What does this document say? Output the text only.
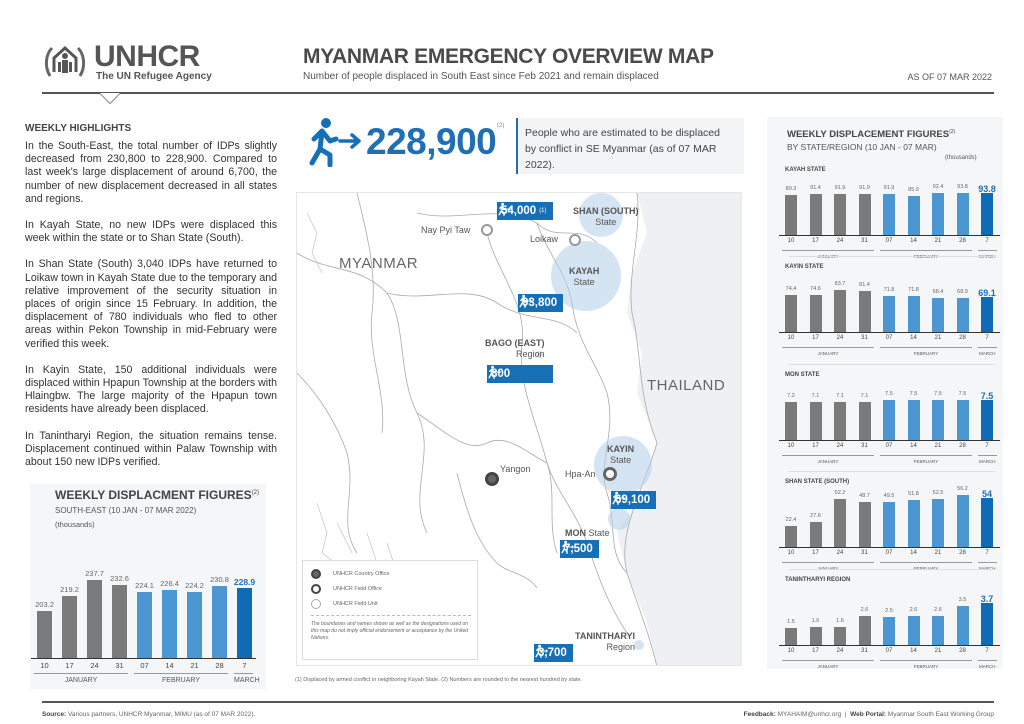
UNHCR
The UN Refugee Agency
MYANMAR EMERGENCY OVERVIEW MAP
Number of people displaced in South East since Feb 2021 and remain displaced	AS OF 07 MAR 2022
WEEKLY HIGHLIGHTS

In the South-East, the total number of IDPs slightly decreased from 230,800 to 228,900. Compared to last week's large displacement of around 6,700, the number of new displacement decreased in all states and regions.

In Kayah State, no new IDPs were displaced this week within the state or to Shan State (South).

In Shan State (South) 3,040 IDPs have returned to Loikaw town in Kayah State due to the temporary and relative improvement of the security situation in places of origin since 15 February. In addition, the displacement of 780 individuals who fled to other areas within Pekon Township in mid-February were verified this week.

In Kayin State, 150 additional individuals were displaced within Hpapun Township at the borders with Hlaingbw. The large majority of the Hpapun town residents have already been displaced.

In Tanintharyi Region, the situation remains tense. Displacement continued within Palaw Township with about 150 new IDPs verified.

WEEKLY DISPLACMENT FIGURES$^{(2)}$
SOUTH-EAST (10 JAN - 07 MAR 2022)
(thousands)
203.2
10
219.2
17
237.7
24
232.6
31
224.1
07
226.4
14
224.2
21
230.8
28
228.9
7
JANUARY	FEBRUARY	MARCH
228,900 (2)
People who are estimated to be displaced
by conflict in SE Myanmar (as of 07 MAR 2022).
MYANMAR
THAILAND
Nay Pyi Taw
Loikaw
Yangon	Hpa-An
SHAN (SOUTH)
State
KAYAH
State
BAGO (EAST)
Region
KAYIN
State
MON State
TANINTHARYI
Region
54,000 (1)
93,800
800
69,100
7,500
3,700
UNHCR Country Office
UNHCR Field Office
UNHCR Field Unit
The boundaries and names shown as well as the designations used on this map do not imply official endorsement or acceptance by the United Nations.
(1) Displaced by armed conflict in neighboring Kayah State. (2) Numbers are rounded to the nearest hundred by state.
WEEKLY DISPLACEMENT FIGURES$^{(2)}$
BY STATE/REGION (10 JAN - 07 MAR)
(thousands)
KAYAH STATE
89.3
10
91.4
17
91.9
24
91.9
31
91.9
07
85.9
14
92.4
21
93.8
28
93.8
7
KAYIN STATE
74.4
10
74.6
17
83.7
24
81.4
31
71.8
07
71.8
14
68.4
21
68.9
28
69.1
7
JANUARY	FEBRUARY	MARCH
MON STATE
7.2
10
7.1
17
7.1
24
7.1
31
7.5
07
7.5
14
7.5
21
7.5
28
7.5
7
JANUARY	FEBRUARY	MARCH
SHAN STATE (SOUTH)
22.4
10
27.6
17
52.2
24
48.7
31
49.5
07
51.8
14
52.5
21
56.2
28
54
7
TANINTHARYI REGION
1.5
10
1.6
17
1.6
24
2.6
31
2.5
07
2.6
14
2.6
21
3.5
28
3.7
7
JANUARY	FEBRUARY	MARCH
Source: Various partners, UNHCR Myanmar, MIMU (as of 07 MAR 2022).	Feedback: MYAHAIM@unhcr.org  |  Web Portal: Myanmar South East Working Group
